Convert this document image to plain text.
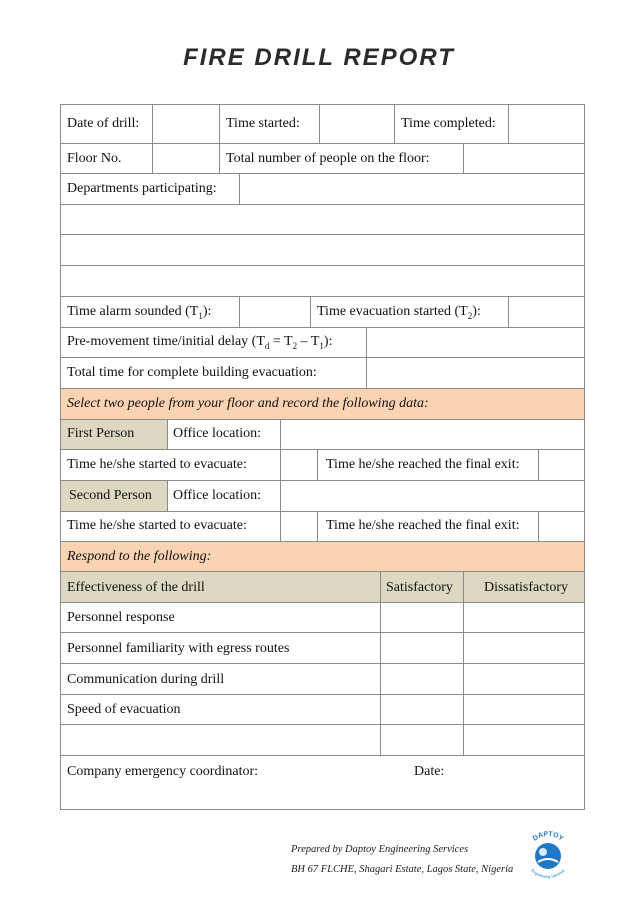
FIRE DRILL REPORT
Date of drill:	Time started:	Time completed:
Floor No.	Total number of people on the floor:
Departments participating:
Time alarm sounded $(T_1)$:	Time evacuation started $(T_2)$:
Pre-movement time/initial delay $(T_d = T_2 - T_1)$:
Total time for complete building evacuation:
Select two people from your floor and record the following data:
First Person	Office location:
Time he/she started to evacuate:	Time he/she reached the final exit:
Second Person Office location:
Time he/she started to evacuate:	Time he/she reached the final exit:
Respond to the following:
Effectiveness of the drill	Satisfactory Dissatisfactory
Personnel response
Personnel familiarity with egress routes
Communication during drill
Speed of evacuation
Company emergency coordinator:	Date:
Prepared by Daptoy Engineering Services
BH 67 FLCHE, Shagari Estate, Lagos State, Nigeria
DAPTOY
Engineering Services
